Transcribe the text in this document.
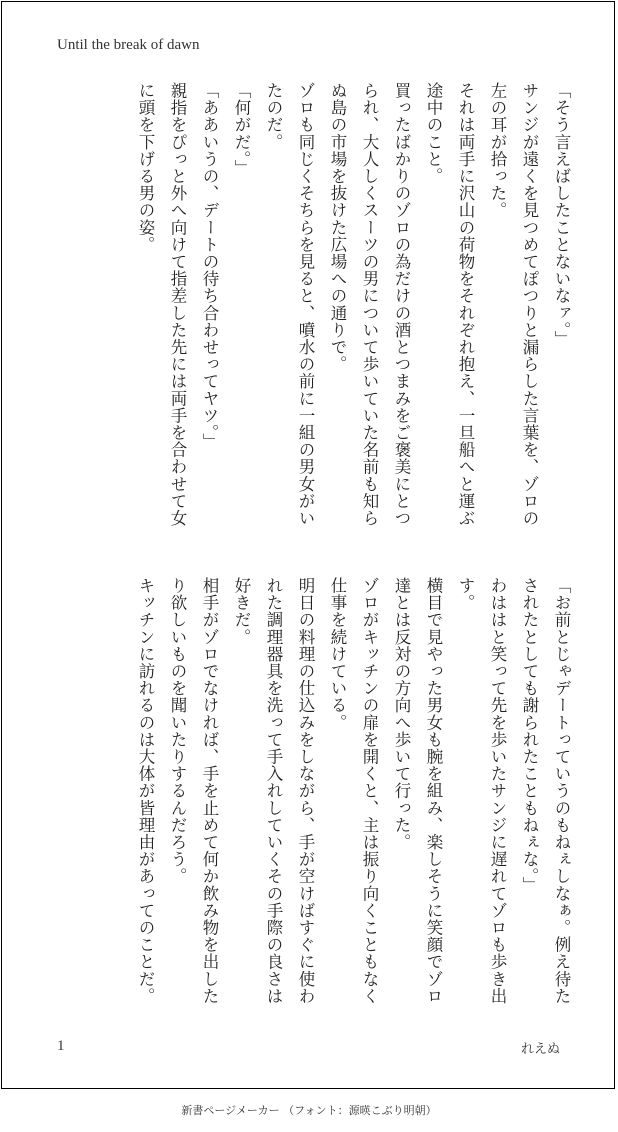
Until the break of dawn

「そう言えばしたことないなァ。」

サンジが遠くを見つめてぽつりと漏らした言葉を、ゾロの左の耳が拾った。

それは両手に沢山の荷物をそれぞれ抱え、一旦船へと運ぶ途中のこと。

買ったばかりのゾロの為だけの酒とつまみをご褒美にとつられ、大人しくスーツの男について歩いていた名前も知らぬ島の市場を抜けた広場への通りで。

ゾロも同じくそちらを見ると、噴水の前に一組の男女がいたのだ。

「何がだ。」

「ああいうの、デートの待ち合わせってヤツ。」

親指をぴっと外へ向けて指差した先には両手を合わせて女に頭を下げる男の姿。

「お前とじゃデートっていうのもねぇしなぁ。例え待たされたとしても謝られたこともねぇな。」

わははと笑って先を歩いたサンジに遅れてゾロも歩き出す。

横目で見やった男女も腕を組み、楽しそうに笑顔でゾロ達とは反対の方向へ歩いて行った。

ゾロがキッチンの扉を開くと、主は振り向くこともなく仕事を続けている。

明日の料理の仕込みをしながら、手が空けばすぐに使われた調理器具を洗って手入れしていくその手際の良さは好きだ。

相手がゾロでなければ、手を止めて何か飲み物を出したり欲しいものを聞いたりするんだろう。

キッチンに訪れるのは大体が皆理由があってのことだ。

1	れえぬ
新書ページメーカー （フォント：源暎こぶり明朝）
